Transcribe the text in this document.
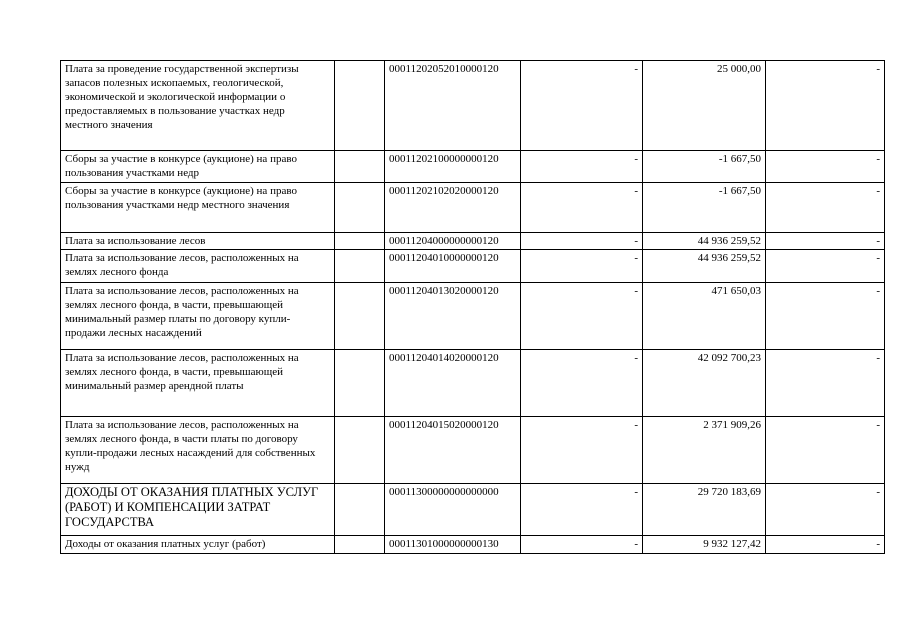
Плата за проведение государственной экспертизы запасов полезных ископаемых, геологической, экономической и экологической информации о предоставляемых в пользование участках недр местного значения		00011202052010000120	-	25 000,00	-
Сборы за участие в конкурсе (аукционе) на право пользования участками недр		00011202100000000120	-	-1 667,50	-
Сборы за участие в конкурсе (аукционе) на право пользования участками недр местного значения		00011202102020000120	-	-1 667,50	-
Плата за использование лесов		00011204000000000120	-	44 936 259,52	-
Плата за использование лесов, расположенных на землях лесного фонда		00011204010000000120	-	44 936 259,52	-
Плата за использование лесов, расположенных на землях лесного фонда, в части, превышающей минимальный размер платы по договору купли-продажи лесных насаждений		00011204013020000120	-	471 650,03	-
Плата за использование лесов, расположенных на землях лесного фонда, в части, превышающей минимальный размер арендной платы		00011204014020000120	-	42 092 700,23	-
Плата за использование лесов, расположенных на землях лесного фонда, в части платы по договору купли-продажи лесных насаждений для собственных нужд		00011204015020000120	-	2 371 909,26	-
ДОХОДЫ ОТ ОКАЗАНИЯ ПЛАТНЫХ УСЛУГ (РАБОТ) И КОМПЕНСАЦИИ ЗАТРАТ ГОСУДАРСТВА		00011300000000000000	-	29 720 183,69	-
Доходы от оказания платных услуг (работ)		00011301000000000130	-	9 932 127,42	-
